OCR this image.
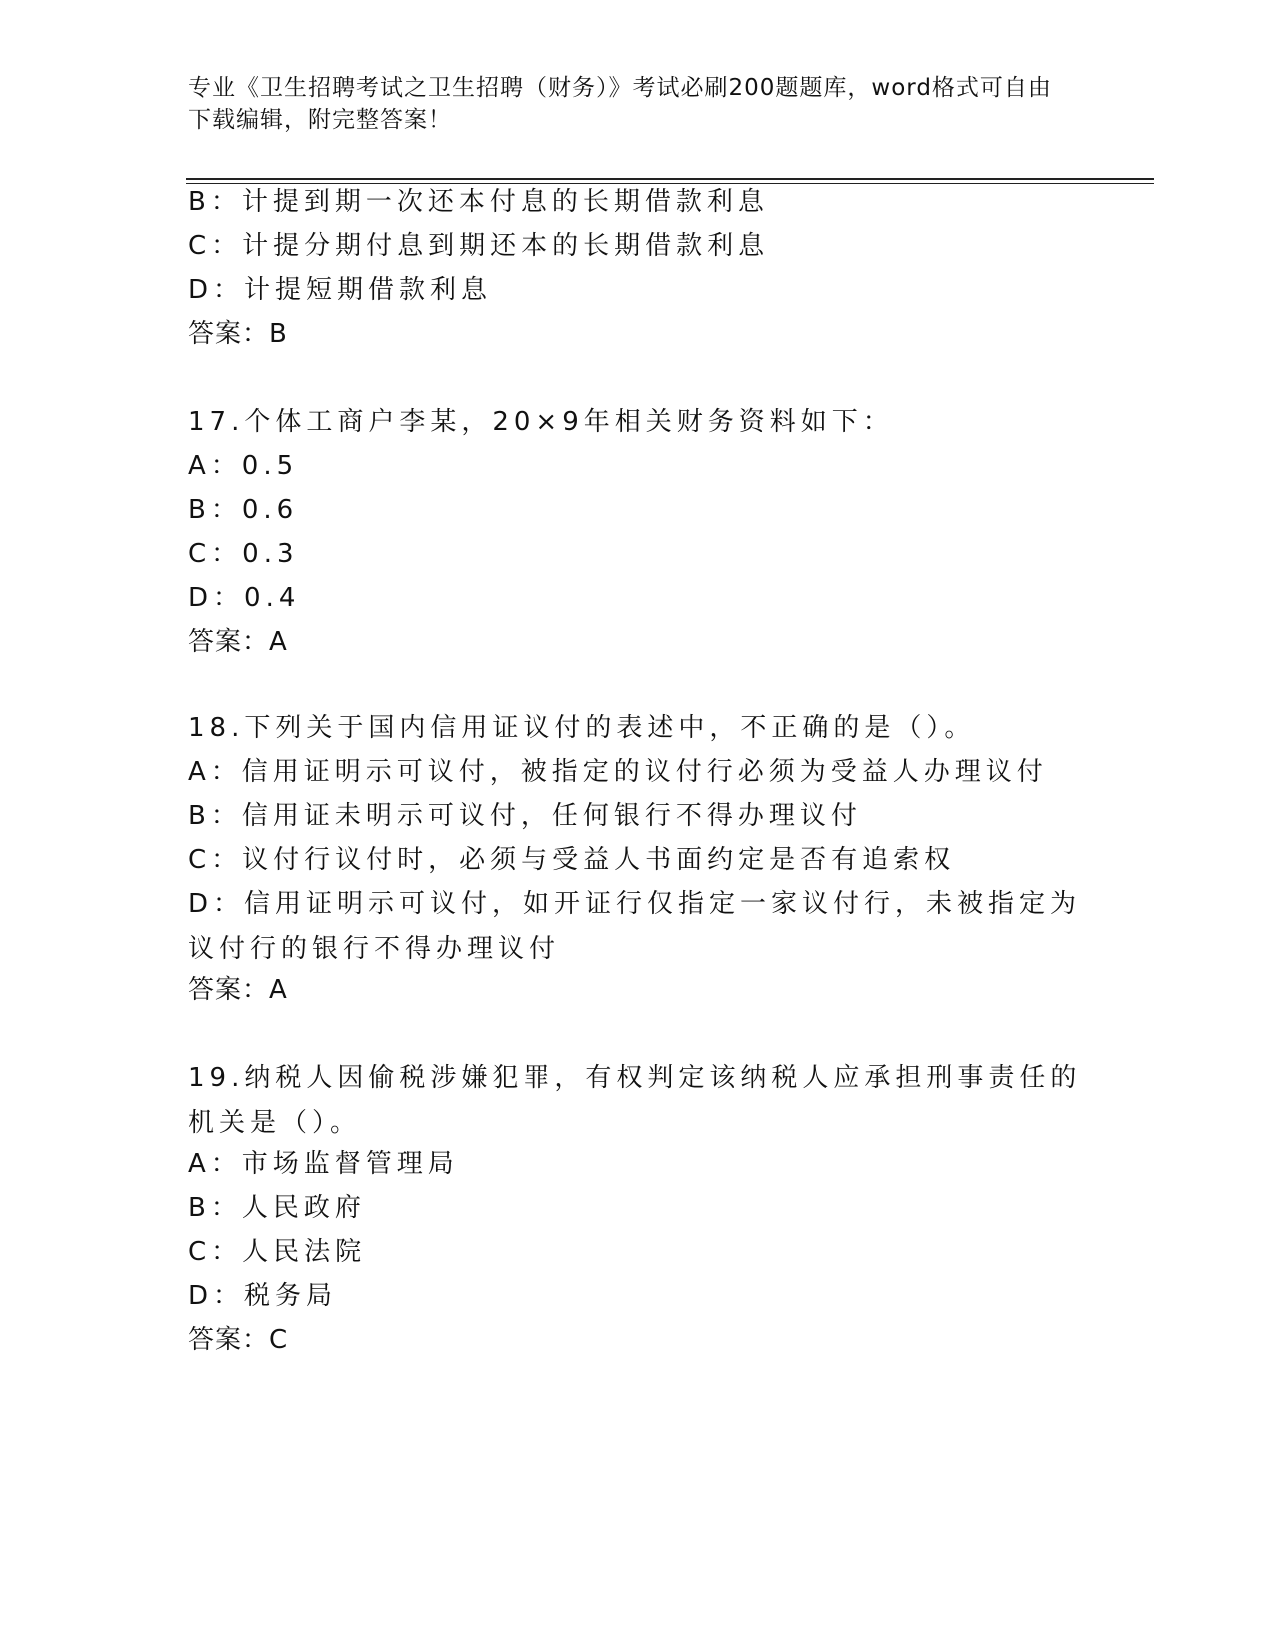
专业《卫生招聘考试之卫生招聘（财务）》考试必刷200题题库，word格式可自由下载编辑，附完整答案！
B：计提到期一次还本付息的长期借款利息
C：计提分期付息到期还本的长期借款利息
D：计提短期借款利息
答案：B
17.个体工商户李某，20×9年相关财务资料如下：
A：0.5
B：0.6
C：0.3
D：0.4
答案：A
18.下列关于国内信用证议付的表述中，不正确的是（）。
A：信用证明示可议付，被指定的议付行必须为受益人办理议付
B：信用证未明示可议付，任何银行不得办理议付
C：议付行议付时，必须与受益人书面约定是否有追索权
D：信用证明示可议付，如开证行仅指定一家议付行，未被指定为议付行的银行不得办理议付
答案：A
19.纳税人因偷税涉嫌犯罪，有权判定该纳税人应承担刑事责任的机关是（）。
A：市场监督管理局
B：人民政府
C：人民法院
D：税务局
答案：C
